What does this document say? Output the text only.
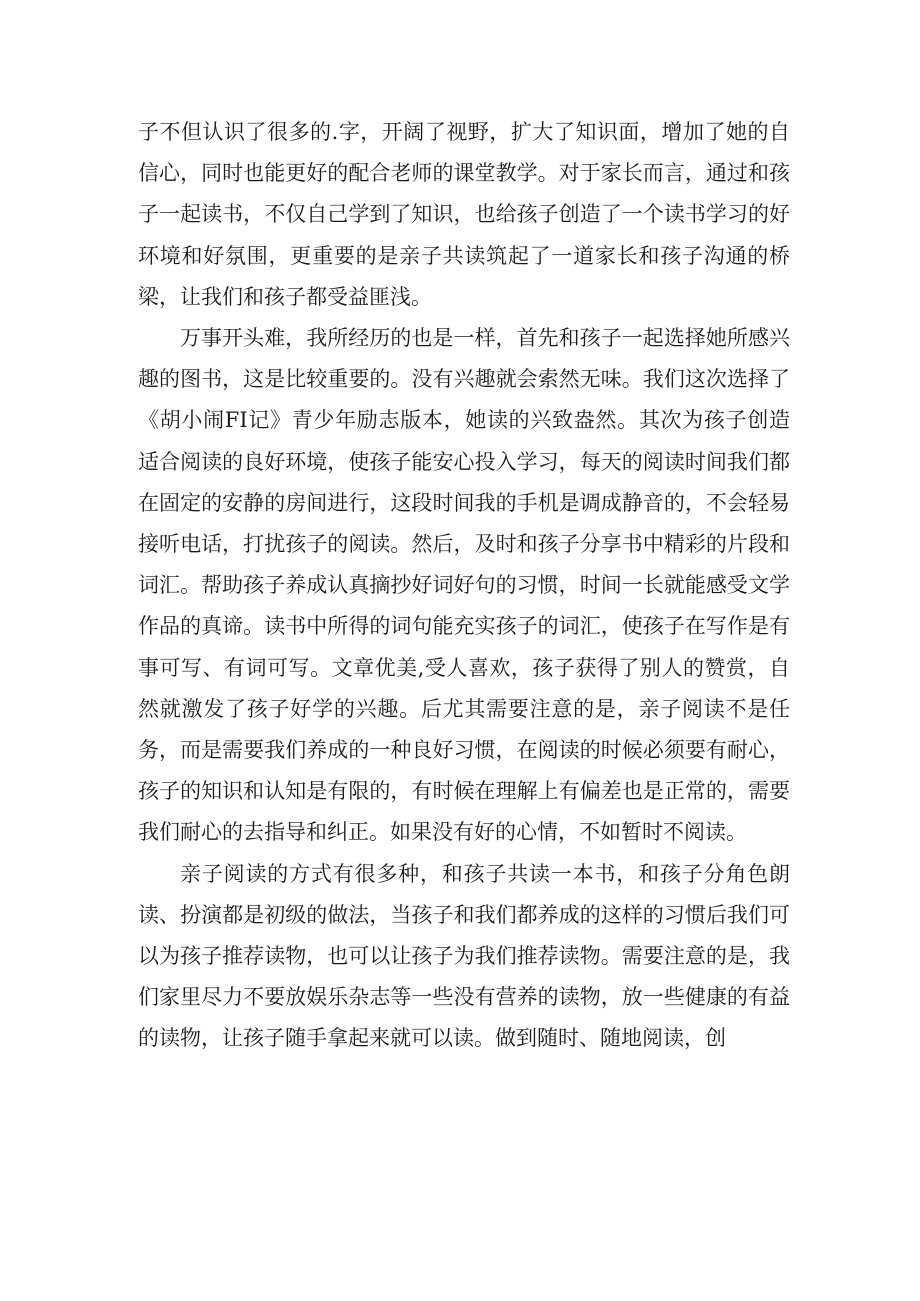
子不但认识了很多的.字，开阔了视野，扩大了知识面，增加了她的自信心，同时也能更好的配合老师的课堂教学。对于家长而言，通过和孩子一起读书，不仅自己学到了知识，也给孩子创造了一个读书学习的好环境和好氛围，更重要的是亲子共读筑起了一道家长和孩子沟通的桥梁，让我们和孩子都受益匪浅。

万事开头难，我所经历的也是一样，首先和孩子一起选择她所感兴趣的图书，这是比较重要的。没有兴趣就会索然无味。我们这次选择了《胡小闹FI记》青少年励志版本，她读的兴致盎然。其次为孩子创造适合阅读的良好环境，使孩子能安心投入学习，每天的阅读时间我们都在固定的安静的房间进行，这段时间我的手机是调成静音的，不会轻易接听电话，打扰孩子的阅读。然后，及时和孩子分享书中精彩的片段和词汇。帮助孩子养成认真摘抄好词好句的习惯，时间一长就能感受文学作品的真谛。读书中所得的词句能充实孩子的词汇，使孩子在写作是有事可写、有词可写。文章优美,受人喜欢，孩子获得了别人的赞赏，自然就激发了孩子好学的兴趣。后尤其需要注意的是，亲子阅读不是任务，而是需要我们养成的一种良好习惯，在阅读的时候必须要有耐心，孩子的知识和认知是有限的，有时候在理解上有偏差也是正常的，需要我们耐心的去指导和纠正。如果没有好的心情，不如暂时不阅读。

亲子阅读的方式有很多种，和孩子共读一本书，和孩子分角色朗读、扮演都是初级的做法，当孩子和我们都养成的这样的习惯后我们可以为孩子推荐读物，也可以让孩子为我们推荐读物。需要注意的是，我们家里尽力不要放娱乐杂志等一些没有营养的读物，放一些健康的有益的读物，让孩子随手拿起来就可以读。做到随时、随地阅读，创
